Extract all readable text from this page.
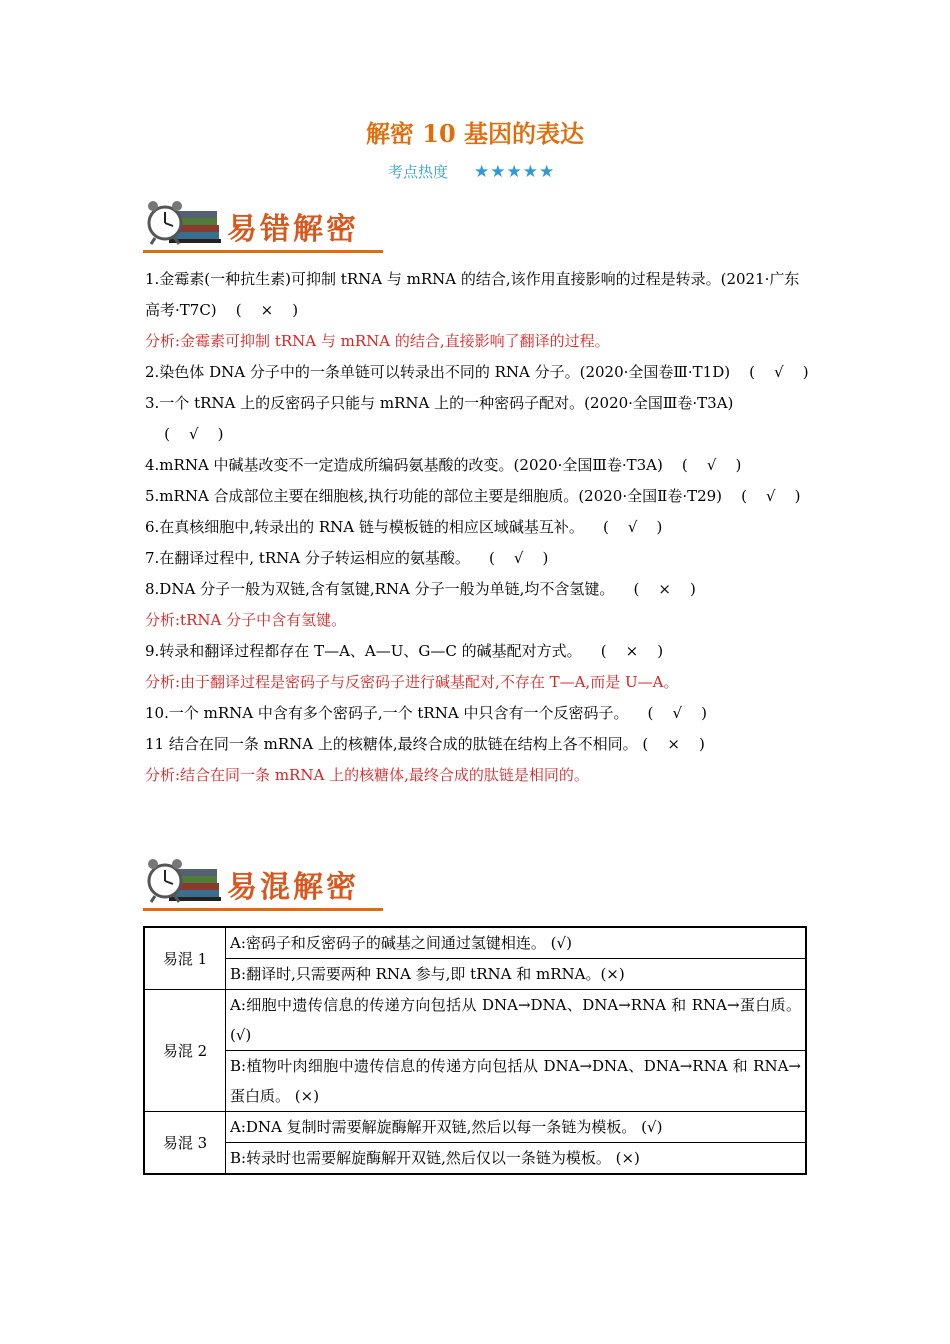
解密 10 基因的表达
考点热度 ★★★★★
易错解密

1.金霉素(一种抗生素)可抑制 tRNA 与 mRNA 的结合,该作用直接影响的过程是转录。(2021·广东高考·T7C)    (    ×    )

分析:金霉素可抑制 tRNA 与 mRNA 的结合,直接影响了翻译的过程。

2.染色体 DNA 分子中的一条单链可以转录出不同的 RNA 分子。(2020·全国卷Ⅲ·T1D)    (    √    )

3.一个 tRNA 上的反密码子只能与 mRNA 上的一种密码子配对。(2020·全国Ⅲ卷·T3A)    (    √    )

4.mRNA 中碱基改变不一定造成所编码氨基酸的改变。(2020·全国Ⅲ卷·T3A)    (    √    )

5.mRNA 合成部位主要在细胞核,执行功能的部位主要是细胞质。(2020·全国Ⅱ卷·T29)    (    √    )

6.在真核细胞中,转录出的 RNA 链与模板链的相应区域碱基互补。    (    √    )

7.在翻译过程中, tRNA 分子转运相应的氨基酸。    (    √    )

8.DNA 分子一般为双链,含有氢键,RNA 分子一般为单链,均不含氢键。    (    ×    )

分析:tRNA 分子中含有氢键。

9.转录和翻译过程都存在 T—A、A—U、G—C 的碱基配对方式。    (    ×    )

分析:由于翻译过程是密码子与反密码子进行碱基配对,不存在 T—A,而是 U—A。

10.一个 mRNA 中含有多个密码子,一个 tRNA 中只含有一个反密码子。    (    √    )

11 结合在同一条 mRNA 上的核糖体,最终合成的肽链在结构上各不相同。 (    ×    )

分析:结合在同一条 mRNA 上的核糖体,最终合成的肽链是相同的。

易混解密
易混 1	A:密码子和反密码子的碱基之间通过氢键相连。 (√)
	B:翻译时,只需要两种 RNA 参与,即 tRNA 和 mRNA。(×)
易混 2	A:细胞中遗传信息的传递方向包括从 DNA→DNA、DNA→RNA 和 RNA→蛋白质。 (√)
	B:植物叶肉细胞中遗传信息的传递方向包括从 DNA→DNA、DNA→RNA 和 RNA→蛋白质。 (×)
易混 3	A:DNA 复制时需要解旋酶解开双链,然后以每一条链为模板。 (√)
	B:转录时也需要解旋酶解开双链,然后仅以一条链为模板。 (×)
